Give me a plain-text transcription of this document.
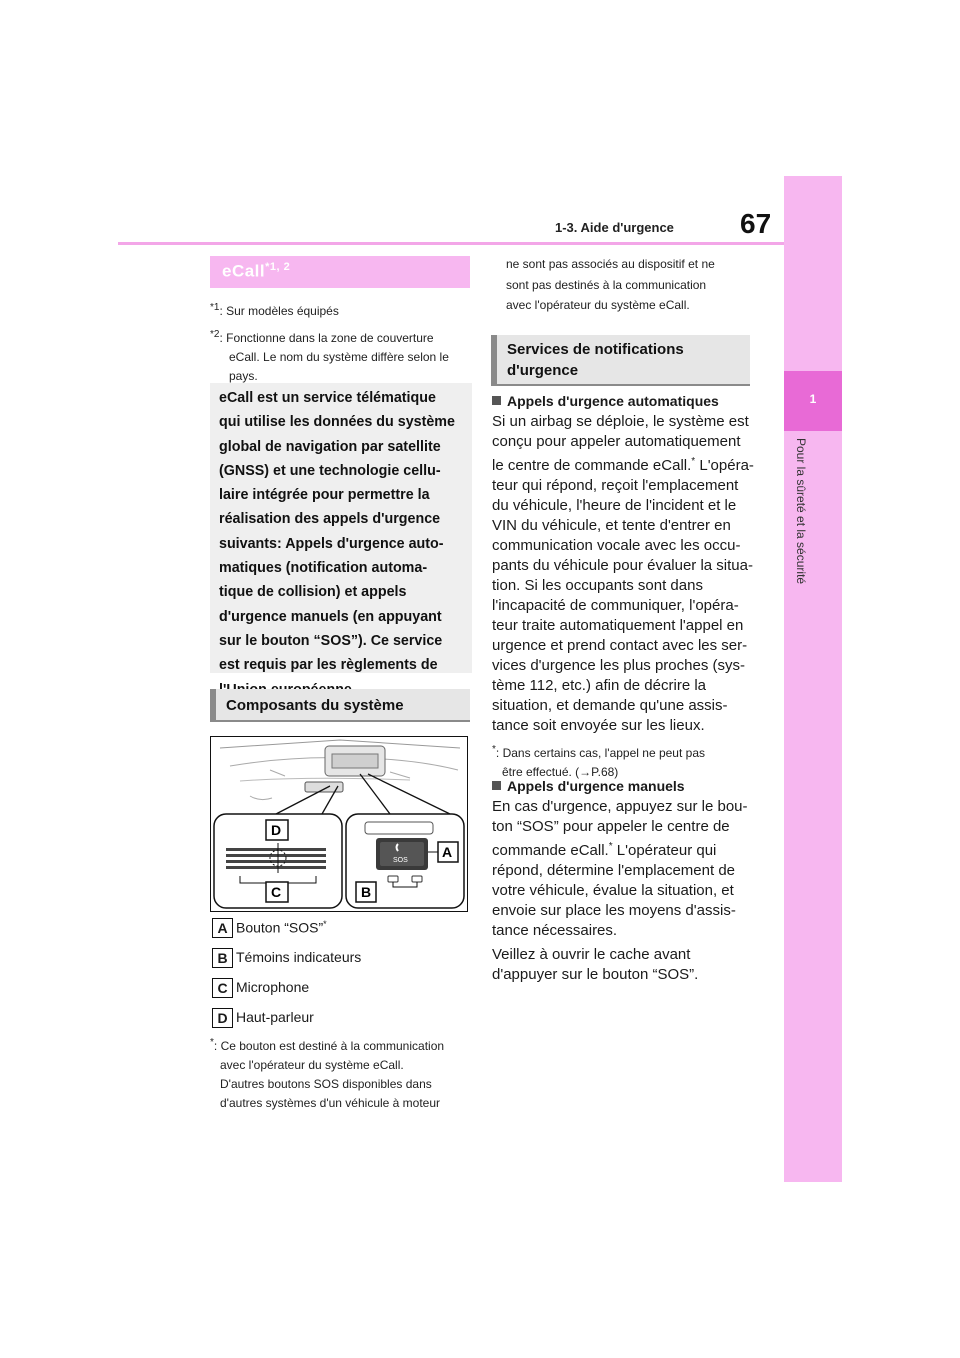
1-3. Aide d'urgence 67
1
Pour la sûreté et la sécurité
eCall$^{*1, 2}$
$^{*1}$: Sur modèles équipés
$^{*2}$: Fonctionne dans la zone de couverture
eCall. Le nom du système diffère selon le
pays.

eCall est un service télématique

qui utilise les données du système

global de navigation par satellite

(GNSS) et une technologie cellu-

laire intégrée pour permettre la

réalisation des appels d'urgence

suivants: Appels d'urgence auto-

matiques (notification automa-

tique de collision) et appels

d'urgence manuels (en appuyant

sur le bouton “SOS”). Ce service

est requis par les règlements de

Composants du système
SOS
D
C
A
B
A Bouton “SOS”*
B Témoins indicateurs
C Microphone
D Haut-parleur
*: Ce bouton est destiné à la communication
avec l'opérateur du système eCall.
D'autres boutons SOS disponibles dans
d'autres systèmes d'un véhicule à moteur
ne sont pas associés au dispositif et ne
sont pas destinés à la communication
avec l'opérateur du système eCall.
Services de notifications
d'urgence
Appels d'urgence automatiques
Si un airbag se déploie, le système est
conçu pour appeler automatiquement
le centre de commande eCall.* L'opéra-
teur qui répond, reçoit l'emplacement
du véhicule, l'heure de l'incident et le
VIN du véhicule, et tente d'entrer en
communication vocale avec les occu-
pants du véhicule pour évaluer la situa-
tion. Si les occupants sont dans
l'incapacité de communiquer, l'opéra-
teur traite automatiquement l'appel en
urgence et prend contact avec les ser-
vices d'urgence les plus proches (sys-
tème 112, etc.) afin de décrire la
situation, et demande qu'une assis-
tance soit envoyée sur les lieux.
*: Dans certains cas, l'appel ne peut pas
être effectué. (→P.68)
Appels d'urgence manuels
En cas d'urgence, appuyez sur le bou-
ton “SOS” pour appeler le centre de
commande eCall.* L'opérateur qui
répond, détermine l'emplacement de
votre véhicule, évalue la situation, et
envoie sur place les moyens d'assis-
tance nécessaires.
Veillez à ouvrir le cache avant
d'appuyer sur le bouton “SOS”.
